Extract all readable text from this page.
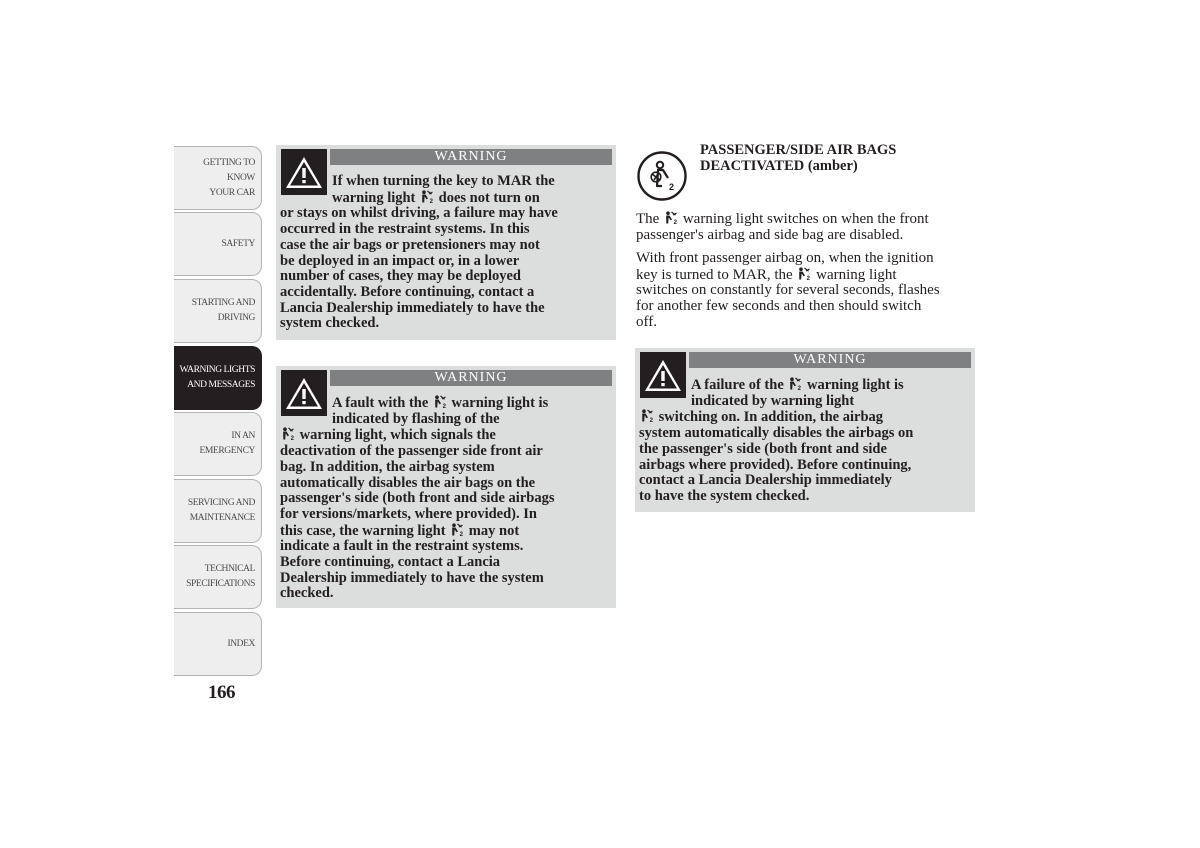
GETTING TO KNOW
YOUR CAR
SAFETY
STARTING AND
DRIVING
WARNING LIGHTS
AND MESSAGES
IN AN EMERGENCY
SERVICING AND
MAINTENANCE
TECHNICAL
SPECIFICATIONS
INDEX
166
WARNING
If when turning the key to MAR the
warning light  does not turn on
or stays on whilst driving, a failure may have
occurred in the restraint systems. In this
case the air bags or pretensioners may not
be deployed in an impact or, in a lower
number of cases, they may be deployed
accidentally. Before continuing, contact a
Lancia Dealership immediately to have the
system checked.
WARNING
A fault with the  warning light is
indicated by flashing of the
warning light, which signals the
deactivation of the passenger side front air
bag. In addition, the airbag system
automatically disables the air bags on the
passenger's side (both front and side airbags
for versions/markets, where provided). In
this case, the warning light  may not
indicate a fault in the restraint systems.
Before continuing, contact a Lancia
Dealership immediately to have the system
checked.
2
PASSENGER/SIDE AIR BAGS
DEACTIVATED (amber)
The  warning light switches on when the front
passenger's airbag and side bag are disabled.
With front passenger airbag on, when the ignition
key is turned to MAR, the  warning light
switches on constantly for several seconds, flashes
for another few seconds and then should switch
off.
WARNING
A failure of the  warning light is
indicated by warning light
switching on. In addition, the airbag
system automatically disables the airbags on
the passenger's side (both front and side
airbags where provided). Before continuing,
contact a Lancia Dealership immediately
to have the system checked.
